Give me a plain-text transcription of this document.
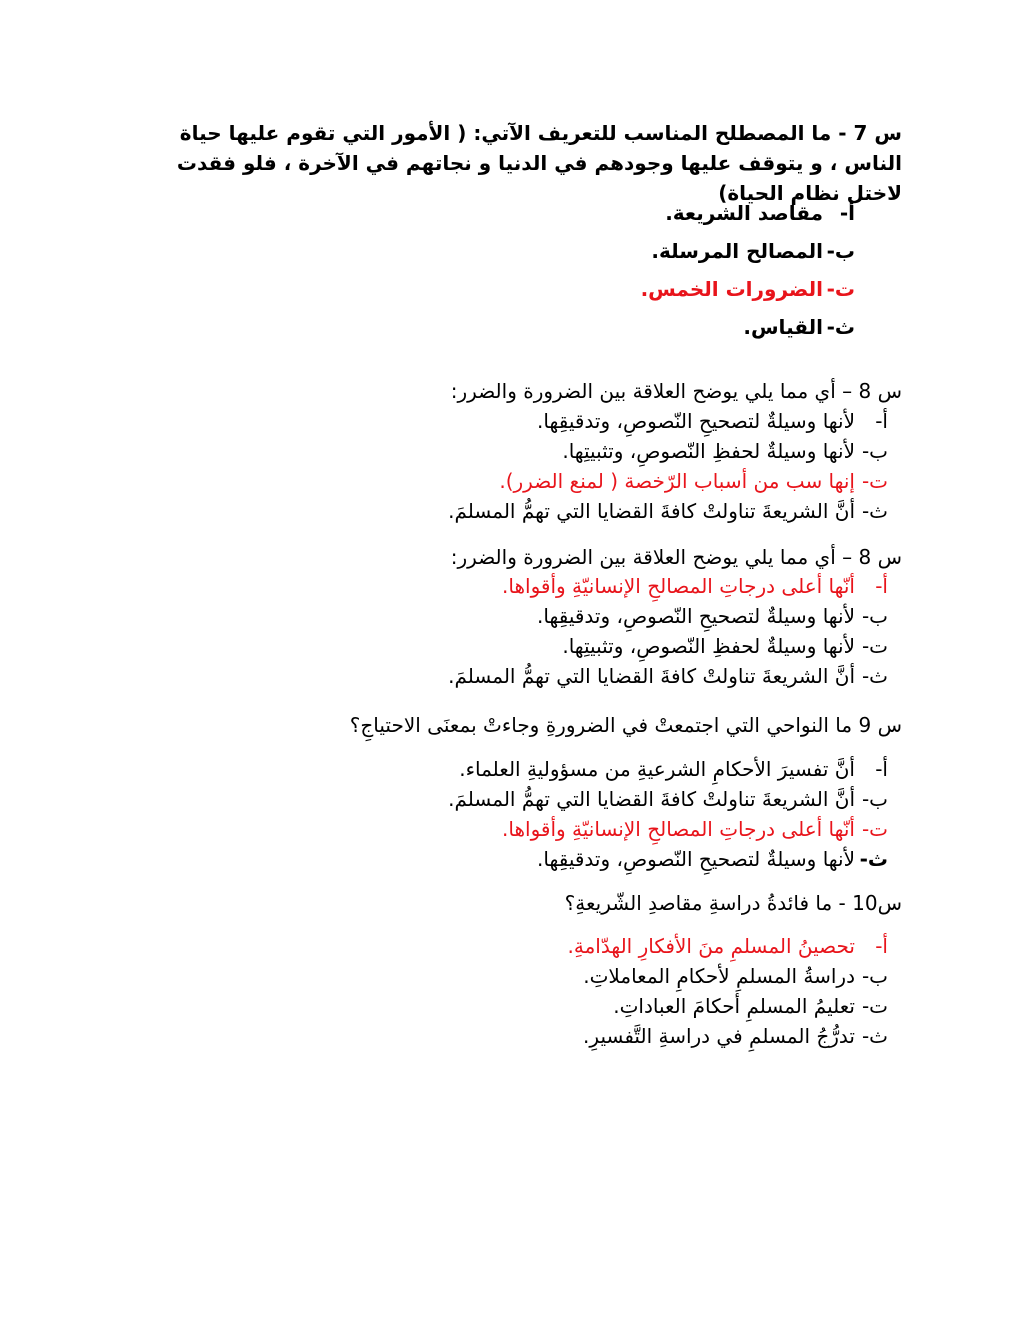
س 7 - ما المصطلح المناسب للتعريف الآتي: ( الأمور التي تقوم عليها حياة الناس ، و يتوقف عليها وجودهم في الدنيا و نجاتهم في الآخرة ، فلو فقدت لاختل نظام الحياة)

أ-مقاصد الشريعة.
ب-المصالح المرسلة.
ت-الضرورات الخمس.
ث-القياس.
س 8 – أي مما يلي يوضح العلاقة بين الضرورة والضرر:
أ-لأنها وسيلةٌ لتصحيحِ النّصوصِ، وتدقيقِها.
ب-لأنها وسيلةٌ لحفظِ النّصوصِ، وتثبيتِها.
ت-إنها سب من أسباب الرّخصة ( لمنع الضرر).
ث-أنَّ الشريعةَ تناولتْ كافةَ القضايا التي تهمُّ المسلمَ.
س 8 – أي مما يلي يوضح العلاقة بين الضرورة والضرر:
أ-أنّها أعلى درجاتِ المصالحِ الإنسانيّةِ وأقواها.
ب-لأنها وسيلةٌ لتصحيحِ النّصوصِ، وتدقيقِها.
ت-لأنها وسيلةٌ لحفظِ النّصوصِ، وتثبيتِها.
ث-أنَّ الشريعةَ تناولتْ كافةَ القضايا التي تهمُّ المسلمَ.
س 9 ما النواحي التي اجتمعتْ في الضرورةِ وجاءتْ بمعنَى الاحتياجِ؟
أ-أنَّ تفسيرَ الأحكامِ الشرعيةِ من مسؤوليةِ العلماء.
ب-أنَّ الشريعةَ تناولتْ كافةَ القضايا التي تهمُّ المسلمَ.
ت-أنّها أعلى درجاتِ المصالحِ الإنسانيّةِ وأقواها.
ث-لأنها وسيلةٌ لتصحيحِ النّصوصِ، وتدقيقِها.
س10 - ما فائدةُ دراسةِ مقاصدِ الشّريعةِ؟
أ-تحصينُ المسلمِ منَ الأفكارِ الهدّامةِ.
ب-دراسةُ المسلمِ لأحكامِ المعاملاتِ.
ت-تعليمُ المسلمِ أحكامَ العباداتِ.
ث-تدرُّجُ المسلمِ في دراسةِ التَّفسيرِ.
